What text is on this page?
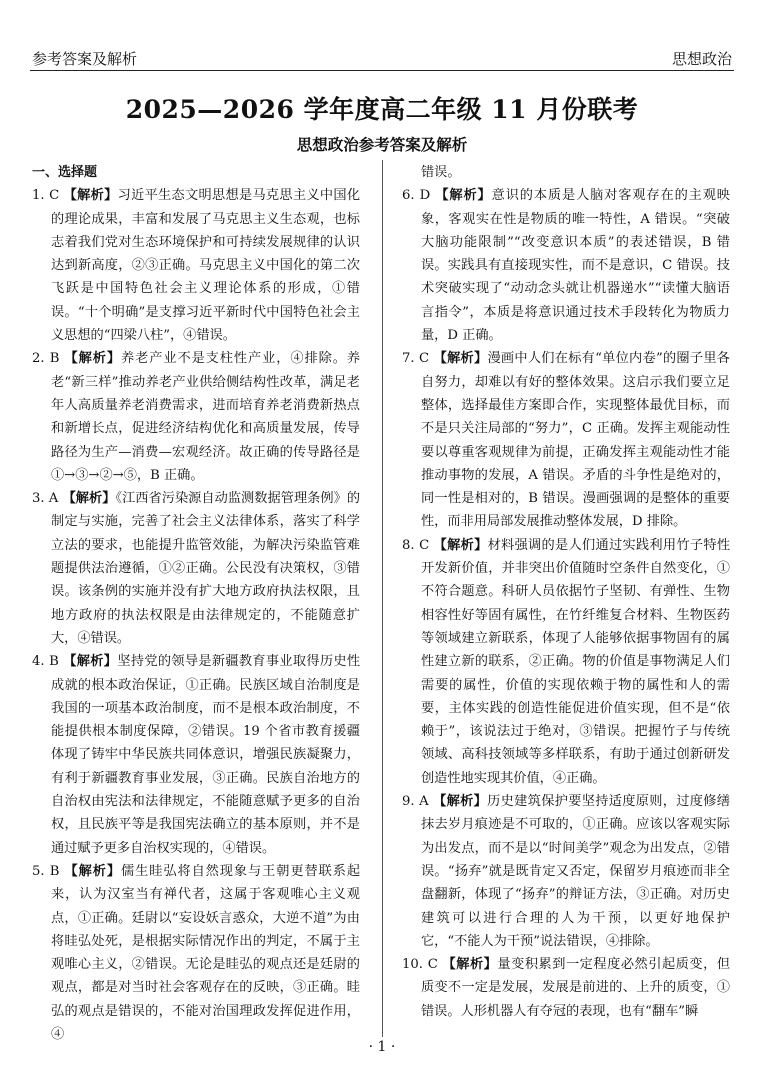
参考答案及解析	思想政治
2025—2026 学年度高二年级 11 月份联考
思想政治参考答案及解析
一、选择题
1. C 【解析】习近平生态文明思想是马克思主义中国化的理论成果，丰富和发展了马克思主义生态观，也标志着我们党对生态环境保护和可持续发展规律的认识达到新高度，②③正确。马克思主义中国化的第二次飞跃是中国特色社会主义理论体系的形成，①错误。“十个明确”是支撑习近平新时代中国特色社会主义思想的“四梁八柱”，④错误。
2. B 【解析】养老产业不是支柱性产业，④排除。养老“新三样”推动养老产业供给侧结构性改革，满足老年人高质量养老消费需求，进而培育养老消费新热点和新增长点，促进经济结构优化和高质量发展，传导路径为生产—消费—宏观经济。故正确的传导路径是①→③→②→⑤，B 正确。
3. A 【解析】《江西省污染源自动监测数据管理条例》的制定与实施，完善了社会主义法律体系，落实了科学立法的要求，也能提升监管效能，为解决污染监管难题提供法治遵循，①②正确。公民没有决策权，③错误。该条例的实施并没有扩大地方政府执法权限，且地方政府的执法权限是由法律规定的，不能随意扩大，④错误。
4. B 【解析】坚持党的领导是新疆教育事业取得历史性成就的根本政治保证，①正确。民族区域自治制度是我国的一项基本政治制度，而不是根本政治制度，不能提供根本制度保障，②错误。19 个省市教育援疆体现了铸牢中华民族共同体意识，增强民族凝聚力，有利于新疆教育事业发展，③正确。民族自治地方的自治权由宪法和法律规定，不能随意赋予更多的自治权，且民族平等是我国宪法确立的基本原则，并不是通过赋予更多自治权实现的，④错误。
5. B 【解析】儒生眭弘将自然现象与王朝更替联系起来，认为汉室当有禅代者，这属于客观唯心主义观点，①正确。廷尉以“妄设妖言惑众，大逆不道”为由将眭弘处死，是根据实际情况作出的判定，不属于主观唯心主义，②错误。无论是眭弘的观点还是廷尉的观点，都是对当时社会客观存在的反映，③正确。眭弘的观点是错误的，不能对治国理政发挥促进作用，④
错误。
6. D 【解析】意识的本质是人脑对客观存在的主观映象，客观实在性是物质的唯一特性，A 错误。“突破大脑功能限制”“改变意识本质”的表述错误，B 错误。实践具有直接现实性，而不是意识，C 错误。技术突破实现了“动动念头就让机器递水”“读懂大脑语言指令”，本质是将意识通过技术手段转化为物质力量，D 正确。
7. C 【解析】漫画中人们在标有“单位内卷”的圈子里各自努力，却难以有好的整体效果。这启示我们要立足整体，选择最佳方案即合作，实现整体最优目标，而不是只关注局部的“努力”，C 正确。发挥主观能动性要以尊重客观规律为前提，正确发挥主观能动性才能推动事物的发展，A 错误。矛盾的斗争性是绝对的，同一性是相对的，B 错误。漫画强调的是整体的重要性，而非用局部发展推动整体发展，D 排除。
8. C 【解析】材料强调的是人们通过实践利用竹子特性开发新价值，并非突出价值随时空条件自然变化，①不符合题意。科研人员依据竹子坚韧、有弹性、生物相容性好等固有属性，在竹纤维复合材料、生物医药等领域建立新联系，体现了人能够依据事物固有的属性建立新的联系，②正确。物的价值是事物满足人们需要的属性，价值的实现依赖于物的属性和人的需要，主体实践的创造性能促进价值实现，但不是“依赖于”，该说法过于绝对，③错误。把握竹子与传统领域、高科技领域等多样联系，有助于通过创新研发创造性地实现其价值，④正确。
9. A 【解析】历史建筑保护要坚持适度原则，过度修缮抹去岁月痕迹是不可取的，①正确。应该以客观实际为出发点，而不是以“时间美学”观念为出发点，②错误。“扬弃”就是既肯定又否定，保留岁月痕迹而非全盘翻新，体现了“扬弃”的辩证方法，③正确。对历史建筑可以进行合理的人为干预，以更好地保护它，“不能人为干预”说法错误，④排除。
10. C 【解析】量变积累到一定程度必然引起质变，但质变不一定是发展，发展是前进的、上升的质变，①错误。人形机器人有夺冠的表现，也有“翻车”瞬
· 1 ·
